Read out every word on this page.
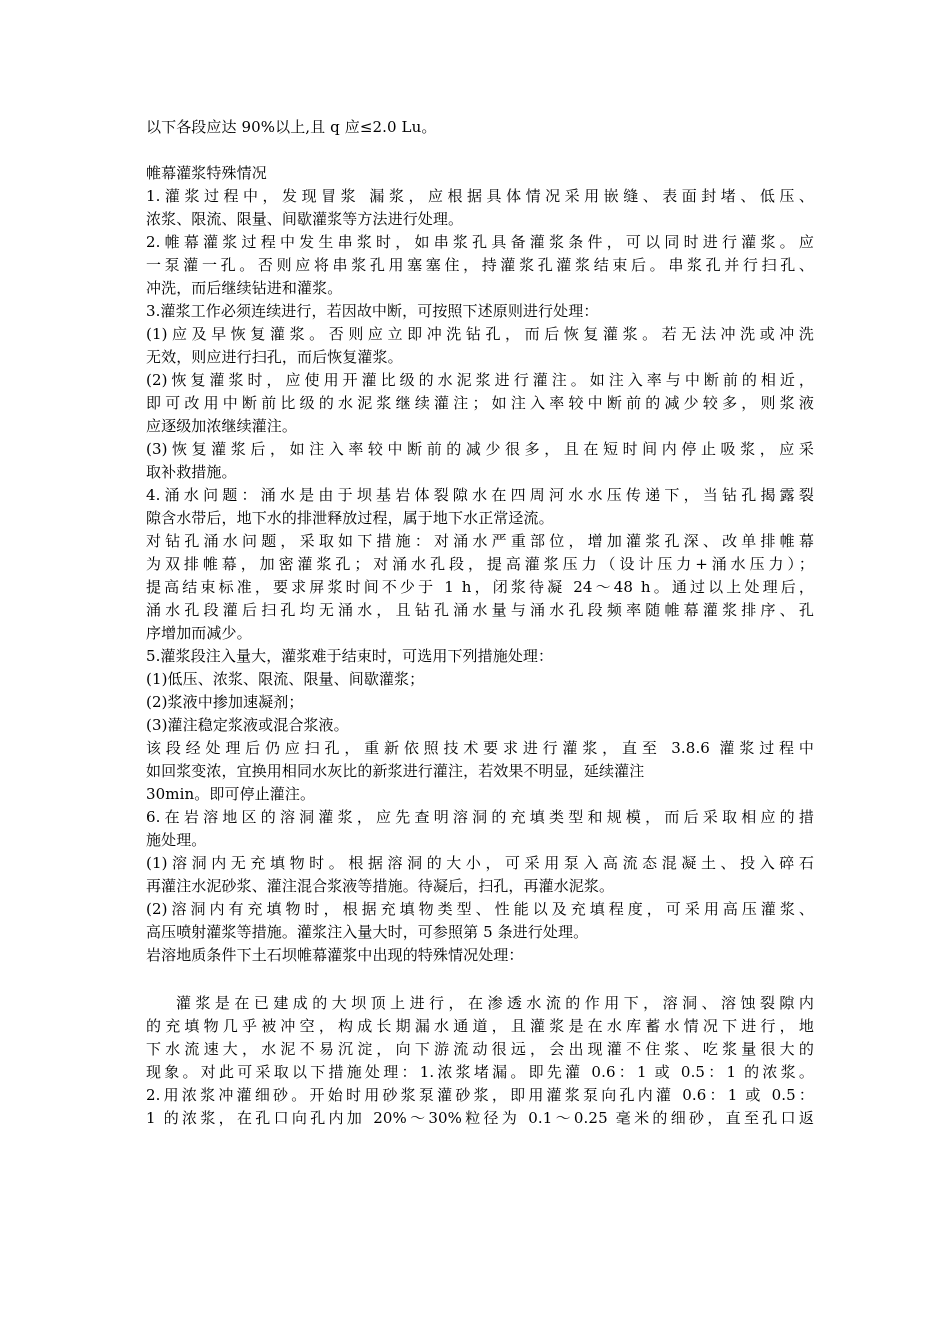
以下各段应达 90%以上,且 q 应≤2.0 Lu。
帷幕灌浆特殊情况
1.灌浆过程中，发现冒浆 漏浆，应根据具体情况采用嵌缝、表面封堵、低压、
浓浆、限流、限量、间歇灌浆等方法进行处理。
2.帷幕灌浆过程中发生串浆时，如串浆孔具备灌浆条件，可以同时进行灌浆。应
一泵灌一孔。否则应将串浆孔用塞塞住，持灌浆孔灌浆结束后。串浆孔并行扫孔、
冲洗，而后继续钻进和灌浆。
3.灌浆工作必须连续进行，若因故中断，可按照下述原则进行处理：
(1)应及早恢复灌浆。否则应立即冲洗钻孔，而后恢复灌浆。若无法冲洗或冲洗
无效，则应进行扫孔，而后恢复灌浆。
(2)恢复灌浆时，应使用开灌比级的水泥浆进行灌注。如注入率与中断前的相近，
即可改用中断前比级的水泥浆继续灌注；如注入率较中断前的减少较多，则浆液
应逐级加浓继续灌注。
(3)恢复灌浆后，如注入率较中断前的减少很多，且在短时间内停止吸浆，应采
取补救措施。
4.涌水问题：涌水是由于坝基岩体裂隙水在四周河水水压传递下，当钻孔揭露裂
隙含水带后，地下水的排泄释放过程，属于地下水正常迳流。
对钻孔涌水问题，采取如下措施：对涌水严重部位，增加灌浆孔深、改单排帷幕
为双排帷幕，加密灌浆孔；对涌水孔段，提高灌浆压力（设计压力+涌水压力）；
提高结束标准，要求屏浆时间不少于 1 h，闭浆待凝 24～48 h。通过以上处理后，
涌水孔段灌后扫孔均无涌水，且钻孔涌水量与涌水孔段频率随帷幕灌浆排序、孔
序增加而减少。
5.灌浆段注入量大，灌浆难于结束时，可选用下列措施处理：
(1)低压、浓浆、限流、限量、间歇灌浆；
(2)浆液中掺加速凝剂；
(3)灌注稳定浆液或混合浆液。
该段经处理后仍应扫孔，重新依照技术要求进行灌浆，直至 3.8.6 灌浆过程中
如回浆变浓，宜换用相同水灰比的新浆进行灌注，若效果不明显，延续灌注
30min。即可停止灌注。
6.在岩溶地区的溶洞灌浆，应先查明溶洞的充填类型和规模，而后采取相应的措
施处理。
(1)溶洞内无充填物时。根据溶洞的大小，可采用泵入高流态混凝土、投入碎石
再灌注水泥砂浆、灌注混合浆液等措施。待凝后，扫孔，再灌水泥浆。
(2)溶洞内有充填物时，根据充填物类型、性能以及充填程度，可采用高压灌浆、
高压喷射灌浆等措施。灌浆注入量大时，可参照第 5 条进行处理。
岩溶地质条件下土石坝帷幕灌浆中出现的特殊情况处理：
灌浆是在已建成的大坝顶上进行，在渗透水流的作用下，溶洞、溶蚀裂隙内
的充填物几乎被冲空，构成长期漏水通道，且灌浆是在水库蓄水情况下进行，地
下水流速大，水泥不易沉淀，向下游流动很远，会出现灌不住浆、吃浆量很大的
现象。对此可采取以下措施处理：1.浓浆堵漏。即先灌 0.6：1 或 0.5：1 的浓浆。
2.用浓浆冲灌细砂。开始时用砂浆泵灌砂浆，即用灌浆泵向孔内灌 0.6：1 或 0.5：
1 的浓浆，在孔口向孔内加 20%～30%粒径为 0.1～0.25 毫米的细砂，直至孔口返
